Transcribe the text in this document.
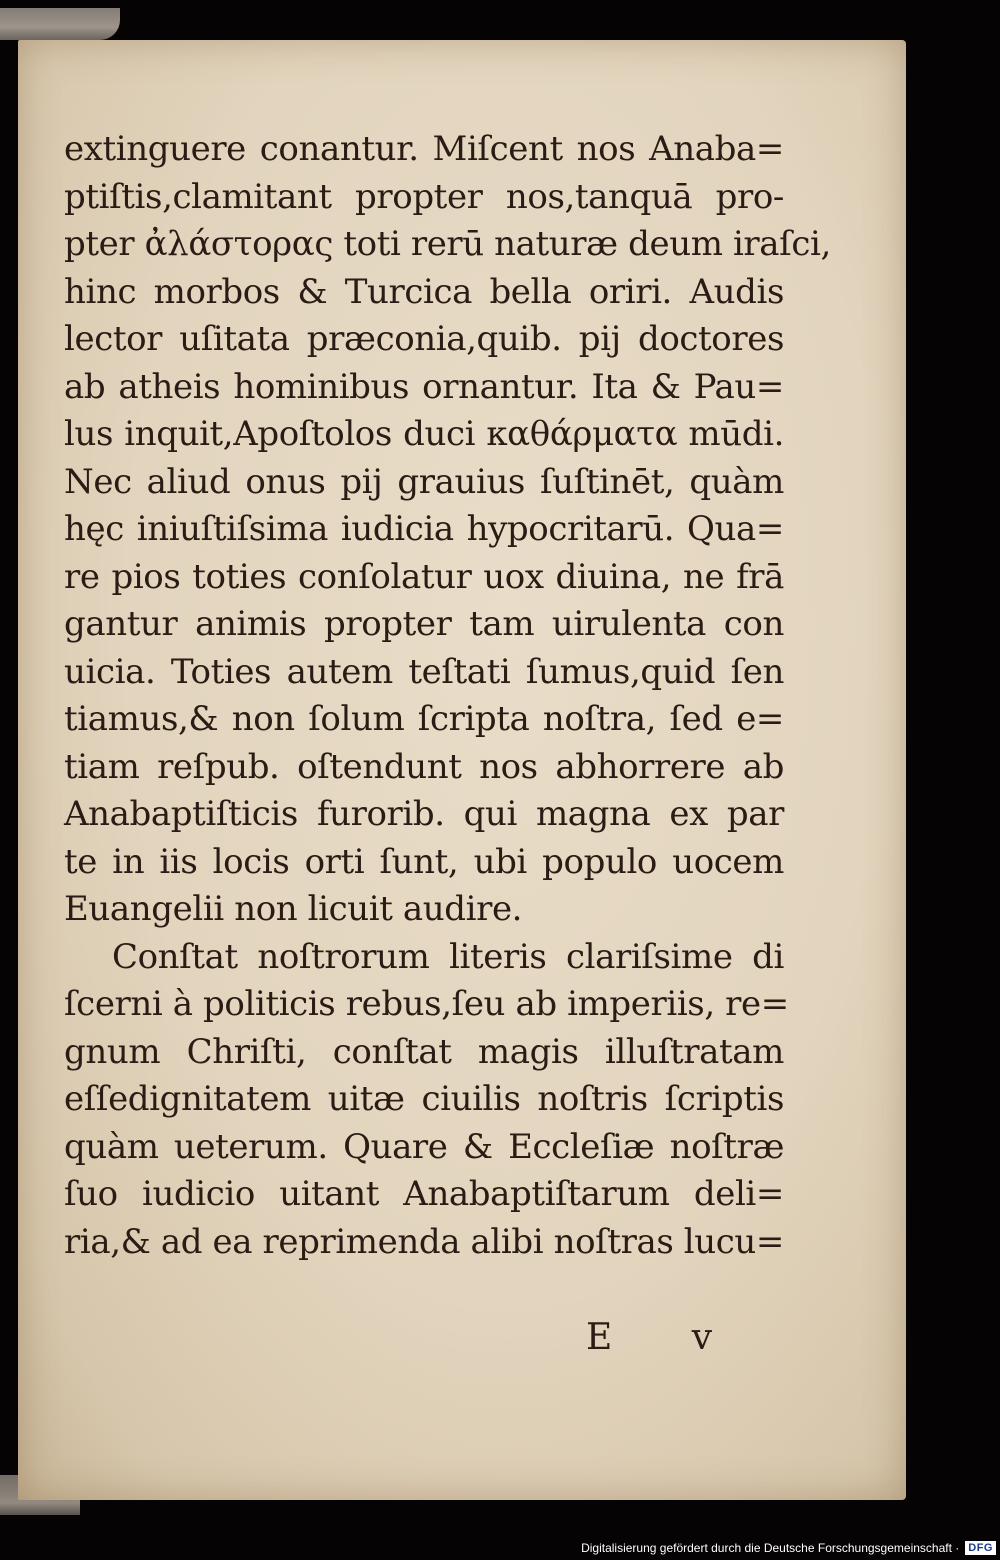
extinguere conantur. Miſcent nos Anaba=
ptiſtis,clamitant propter nos,tanquā pro-
pter ἀλάστορας toti rerū naturæ deum iraſci,
hinc morbos & Turcica bella oriri. Audis
lector uſitata præconia,quib. pij doctores
ab atheis hominibus ornantur. Ita & Pau=
lus inquit,Apoſtolos duci καθάρματα mūdi.
Nec aliud onus pij grauius ſuſtinēt, quàm
hęc iniuſtiſsima iudicia hypocritarū. Qua=
re pios toties conſolatur uox diuina, ne frā
gantur animis propter tam uirulenta con
uicia. Toties autem teſtati ſumus,quid ſen
tiamus,& non ſolum ſcripta noſtra, ſed e=
tiam reſpub. oſtendunt nos abhorrere ab
Anabaptiſticis furorib. qui magna ex par
te in iis locis orti ſunt, ubi populo uocem
Euangelii non licuit audire.
Conſtat noſtrorum literis clariſsime di
ſcerni à politicis rebus,ſeu ab imperiis, re=
gnum Chriſti, conſtat magis illuſtratam
eſſedignitatem uitæ ciuilis noſtris ſcriptis
quàm ueterum. Quare & Eccleſiæ noſtræ
ſuo iudicio uitant Anabaptiſtarum deli=
ria,& ad ea reprimenda alibi noſtras lucu=
E v
Digitalisierung gefördert durch die Deutsche Forschungsgemeinschaft · DFG
